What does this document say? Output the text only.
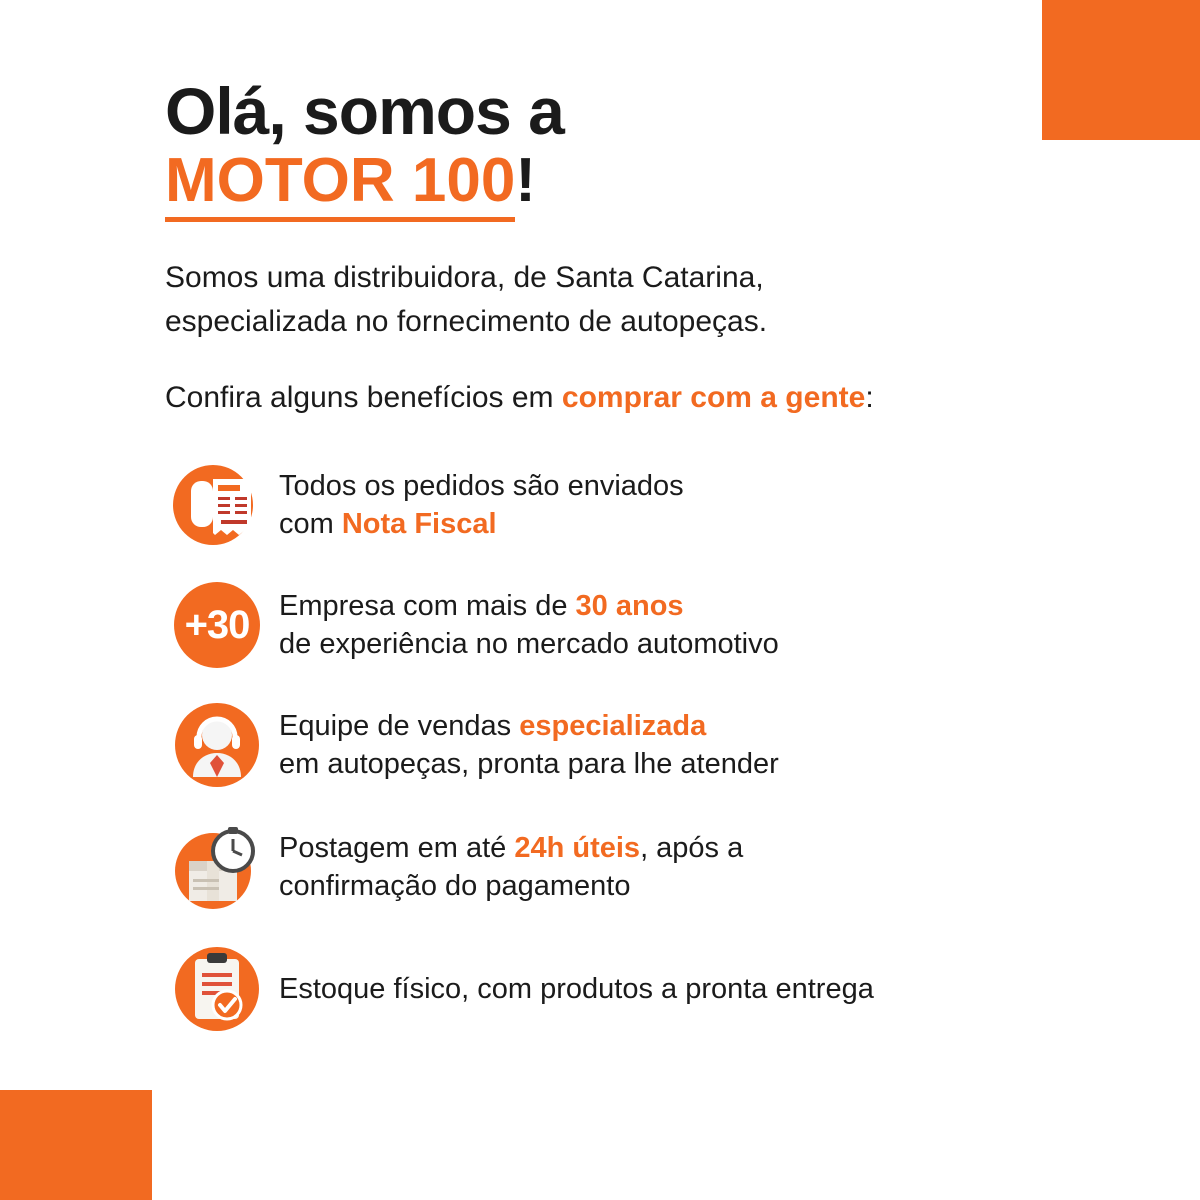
Olá, somos a
MOTOR 100!
Somos uma distribuidora, de Santa Catarina,
especializada no fornecimento de autopeças.
Confira alguns benefícios em comprar com a gente:
Todos os pedidos são enviados
com Nota Fiscal
+30	Empresa com mais de 30 anos
de experiência no mercado automotivo
Equipe de vendas especializada
em autopeças, pronta para lhe atender
Postagem em até 24h úteis, após a
confirmação do pagamento
Estoque físico, com produtos a pronta entrega
